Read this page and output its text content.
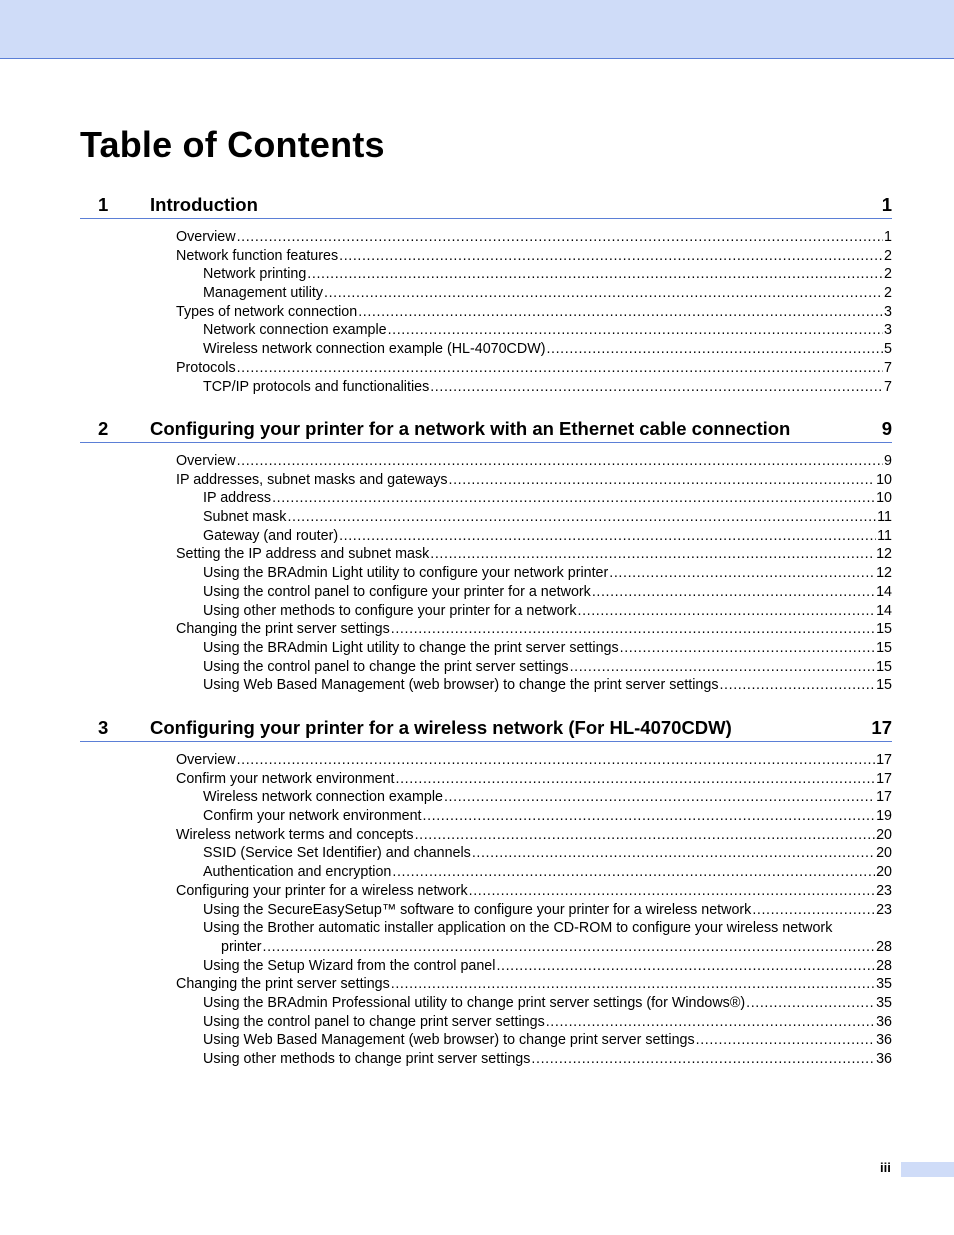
Table of Contents
1 Introduction	1
Overview .....	1
Network function features .....	2
Network printing .....	2
Management utility .....	2
Types of network connection .....	3
Network connection example .....	3
Wireless network connection example (HL-4070CDW) .....	5
Protocols .....	7
TCP/IP protocols and functionalities .....	7
2 Configuring your printer for a network with an Ethernet cable connection	9
Overview .....	9
IP addresses, subnet masks and gateways .....	10
IP address .....	10
Subnet mask .....	11
Gateway (and router) .....	11
Setting the IP address and subnet mask .....	12
Using the BRAdmin Light utility to configure your network printer .....	12
Using the control panel to configure your printer for a network .....	14
Using other methods to configure your printer for a network .....	14
Changing the print server settings .....	15
Using the BRAdmin Light utility to change the print server settings .....	15
Using the control panel to change the print server settings .....	15
Using Web Based Management (web browser) to change the print server settings .....	15
3 Configuring your printer for a wireless network (For HL-4070CDW)	17
Overview .....	17
Confirm your network environment .....	17
Wireless network connection example .....	17
Confirm your network environment .....	19
Wireless network terms and concepts .....	20
SSID (Service Set Identifier) and channels .....	20
Authentication and encryption .....	20
Configuring your printer for a wireless network .....	23
Using the SecureEasySetup™ software to configure your printer for a wireless network .....	23
Using the Brother automatic installer application on the CD-ROM to configure your wireless network
printer .....	28
Using the Setup Wizard from the control panel .....	28
Changing the print server settings .....	35
Using the BRAdmin Professional utility to change print server settings (for Windows®) .....	35
Using the control panel to change print server settings .....	36
Using Web Based Management (web browser) to change print server settings .....	36
Using other methods to change print server settings .....	36
iii
